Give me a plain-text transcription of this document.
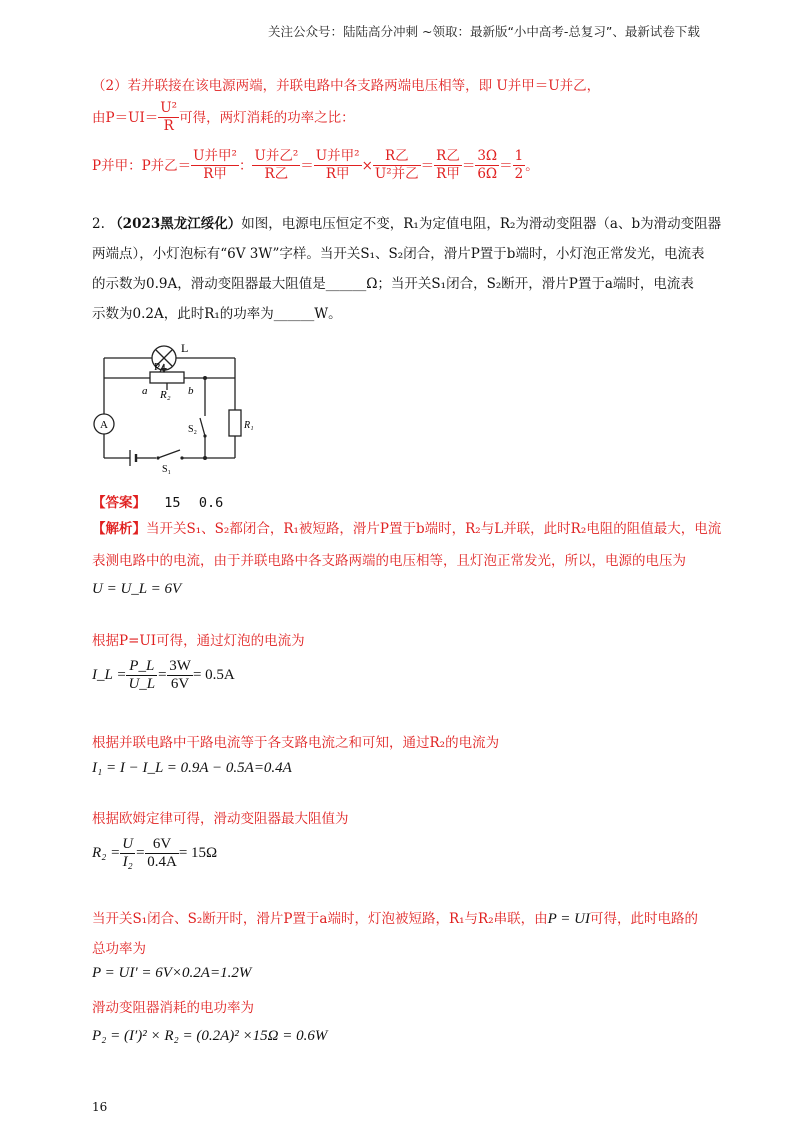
关注公众号：陆陆高分冲刺 ~领取：最新版“小中高考-总复习”、最新试卷下载
（2）若并联接在该电源两端，并联电路中各支路两端电压相等，即 U并甲＝U并乙，
由$P=UI= \frac{\text{U²}}{R}$ 可得，两灯消耗的功率之比：
P并甲：P并乙＝ $\frac{\text{U并甲²}}{\text{R甲}}$ ： $\frac{\text{U并乙²}}{\text{R乙}} = \frac{\text{U并甲²}}{\text{R甲}} \times \frac{\text{R乙}}{\text{U²并乙}} = \frac{\text{R乙}}{\text{R甲}} = \frac{3\Omega}{6\Omega} = \frac{1}{2}$ 。
2. （2023黑龙江绥化）如图，电源电压恒定不变，R₁为定值电阻，R₂为滑动变阻器（a、b为滑动变阻器
两端点），小灯泡标有“6V 3W”字样。当开关S₁、S₂闭合，滑片P置于b端时，小灯泡正常发光，电流表
的示数为0.9A，滑动变阻器最大阻值是______Ω；当开关S₁闭合，S₂断开，滑片P置于a端时，电流表
示数为0.2A，此时R₁的功率为______W。
L
P
a R₂ b
R₁
A	S₂
S₁
【答案】 15 0.6
【解析】当开关S₁、S₂都闭合，R₁被短路，滑片P置于b端时，R₂与L并联，此时R₂电阻的阻值最大，电流
表测电路中的电流，由于并联电路中各支路两端的电压相等，且灯泡正常发光，所以，电源的电压为
U = U_L = 6V
根据P=UI可得，通过灯泡的电流为
I_L = $\frac{P\_L}{U\_L} = \frac{3W}{6V} = 0.5A$
根据并联电路中干路电流等于各支路电流之和可知，通过R₂的电流为
I₁ = I − I_L = 0.9A − 0.5A=0.4A
根据欧姆定律可得，滑动变阻器最大阻值为
$R_2 = \frac{U}{\text{I₂}} = \frac{6V}{0.4A} = 15\Omega$
当开关S₁闭合、S₂断开时，滑片P置于a端时，灯泡被短路，R₁与R₂串联，由P = UI可得，此时电路的
总功率为
P = UI′ = 6V×0.2A=1.2W
滑动变阻器消耗的电功率为
P₂ = (I′)² × R₂ = (0.2A)² ×15Ω = 0.6W
16
